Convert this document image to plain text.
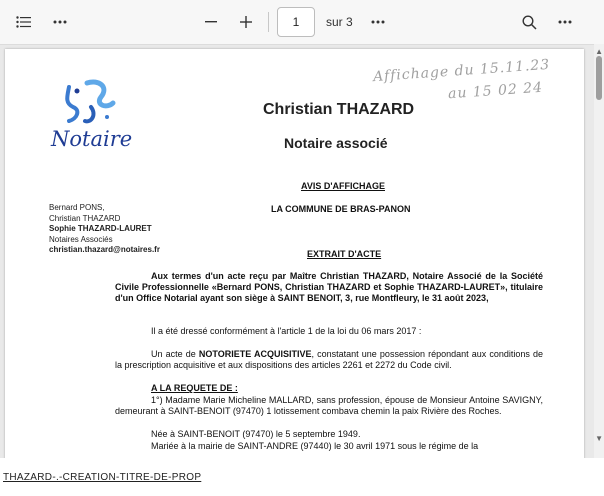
1
sur 3
Affichage du 15.11.23
au 15 02 24
Notaire
Christian THAZARD
Notaire associé
AVIS D'AFFICHAGE
LA COMMUNE DE BRAS-PANON
Bernard PONS,
Christian THAZARD
Sophie THAZARD-LAURET
Notaires Associés
christian.thazard@notaires.fr	EXTRAIT D'ACTE
Aux termes d'un acte reçu par Maître Christian THAZARD, Notaire Associé de la Société Civile Professionnelle «Bernard PONS, Christian THAZARD et Sophie THAZARD-LAURET», titulaire d'un Office Notarial ayant son siège à SAINT BENOIT, 3, rue Montfleury, le 31 août 2023,
Il a été dressé conformément à l'article 1 de la loi du 06 mars 2017 :
Un acte de NOTORIETE ACQUISITIVE, constatant une possession répondant aux conditions de la prescription acquisitive et aux dispositions des articles 2261 et 2272 du Code civil.
A LA REQUETE DE :
1°) Madame Marie Micheline MALLARD, sans profession, épouse de Monsieur Antoine SAVIGNY, demeurant à SAINT-BENOIT (97470) 1 lotissement combava chemin la paix Rivière des Roches.
Née à SAINT-BENOIT (97470) le 5 septembre 1949.
Mariée à la mairie de SAINT-ANDRE (97440) le 30 avril 1971 sous le régime de la
▲
▼
THAZARD-.-CREATION-TITRE-DE-PROP
